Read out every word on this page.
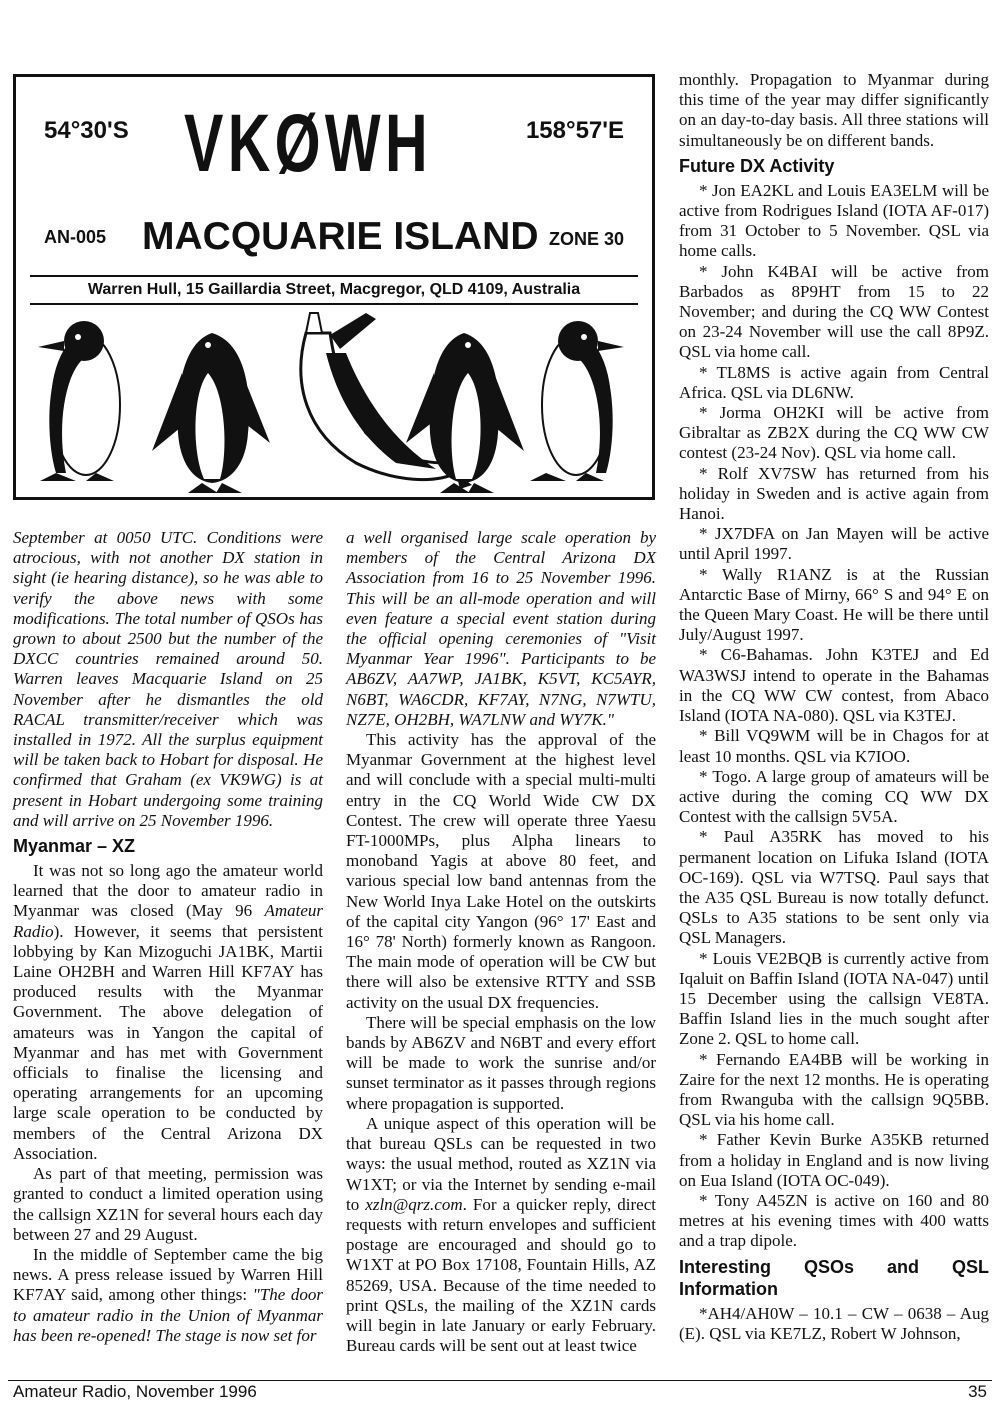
54°30'S VKØWH	158°57'E
AN-005 MACQUARIE ISLAND ZONE 30
Warren Hull, 15 Gaillardia Street, Macgregor, QLD 4109, Australia

September at 0050 UTC. Conditions were atrocious, with not another DX station in sight (ie hearing distance), so he was able to verify the above news with some modifications. The total number of QSOs has grown to about 2500 but the number of the DXCC countries remained around 50. Warren leaves Macquarie Island on 25 November after he dismantles the old RACAL transmitter/receiver which was installed in 1972. All the surplus equipment will be taken back to Hobart for disposal. He confirmed that Graham (ex VK9WG) is at present in Hobart undergoing some training and will arrive on 25 November 1996.

Myanmar – XZ

It was not so long ago the amateur world learned that the door to amateur radio in Myanmar was closed (May 96 Amateur Radio). However, it seems that persistent lobbying by Kan Mizoguchi JA1BK, Martii Laine OH2BH and Warren Hill KF7AY has produced results with the Myanmar Government. The above delegation of amateurs was in Yangon the capital of Myanmar and has met with Government officials to finalise the licensing and operating arrangements for an upcoming large scale operation to be conducted by members of the Central Arizona DX Association.

As part of that meeting, permission was granted to conduct a limited operation using the callsign XZ1N for several hours each day between 27 and 29 August.

In the middle of September came the big news. A press release issued by Warren Hill KF7AY said, among other things: "The door to amateur radio in the Union of Myanmar has been re-opened! The stage is now set for

a well organised large scale operation by members of the Central Arizona DX Association from 16 to 25 November 1996. This will be an all-mode operation and will even feature a special event station during the official opening ceremonies of "Visit Myanmar Year 1996". Participants to be AB6ZV, AA7WP, JA1BK, K5VT, KC5AYR, N6BT, WA6CDR, KF7AY, N7NG, N7WTU, NZ7E, OH2BH, WA7LNW and WY7K."

This activity has the approval of the Myanmar Government at the highest level and will conclude with a special multi-multi entry in the CQ World Wide CW DX Contest. The crew will operate three Yaesu FT-1000MPs, plus Alpha linears to monoband Yagis at above 80 feet, and various special low band antennas from the New World Inya Lake Hotel on the outskirts of the capital city Yangon (96° 17' East and 16° 78' North) formerly known as Rangoon. The main mode of operation will be CW but there will also be extensive RTTY and SSB activity on the usual DX frequencies.

There will be special emphasis on the low bands by AB6ZV and N6BT and every effort will be made to work the sunrise and/or sunset terminator as it passes through regions where propagation is supported.

A unique aspect of this operation will be that bureau QSLs can be requested in two ways: the usual method, routed as XZ1N via W1XT; or via the Internet by sending e-mail to xzln@qrz.com. For a quicker reply, direct requests with return envelopes and sufficient postage are encouraged and should go to W1XT at PO Box 17108, Fountain Hills, AZ 85269, USA. Because of the time needed to print QSLs, the mailing of the XZ1N cards will begin in late January or early February. Bureau cards will be sent out at least twice

monthly. Propagation to Myanmar during this time of the year may differ significantly on an day-to-day basis. All three stations will simultaneously be on different bands.

Future DX Activity

* Jon EA2KL and Louis EA3ELM will be active from Rodrigues Island (IOTA AF-017) from 31 October to 5 November. QSL via home calls.

* John K4BAI will be active from Barbados as 8P9HT from 15 to 22 November; and during the CQ WW Contest on 23-24 November will use the call 8P9Z. QSL via home call.

* TL8MS is active again from Central Africa. QSL via DL6NW.

* Jorma OH2KI will be active from Gibraltar as ZB2X during the CQ WW CW contest (23-24 Nov). QSL via home call.

* Rolf XV7SW has returned from his holiday in Sweden and is active again from Hanoi.

* JX7DFA on Jan Mayen will be active until April 1997.

* Wally R1ANZ is at the Russian Antarctic Base of Mirny, 66° S and 94° E on the Queen Mary Coast. He will be there until July/August 1997.

* C6-Bahamas. John K3TEJ and Ed WA3WSJ intend to operate in the Bahamas in the CQ WW CW contest, from Abaco Island (IOTA NA-080). QSL via K3TEJ.

* Bill VQ9WM will be in Chagos for at least 10 months. QSL via K7IOO.

* Togo. A large group of amateurs will be active during the coming CQ WW DX Contest with the callsign 5V5A.

* Paul A35RK has moved to his permanent location on Lifuka Island (IOTA OC-169). QSL via W7TSQ. Paul says that the A35 QSL Bureau is now totally defunct. QSLs to A35 stations to be sent only via QSL Managers.

* Louis VE2BQB is currently active from Iqaluit on Baffin Island (IOTA NA-047) until 15 December using the callsign VE8TA. Baffin Island lies in the much sought after Zone 2. QSL to home call.

* Fernando EA4BB will be working in Zaire for the next 12 months. He is operating from Rwanguba with the callsign 9Q5BB. QSL via his home call.

* Father Kevin Burke A35KB returned from a holiday in England and is now living on Eua Island (IOTA OC-049).

* Tony A45ZN is active on 160 and 80 metres at his evening times with 400 watts and a trap dipole.

Interesting QSOs and QSL Information

*AH4/AH0W – 10.1 – CW – 0638 – Aug (E). QSL via KE7LZ, Robert W Johnson,

Amateur Radio, November 1996	35
